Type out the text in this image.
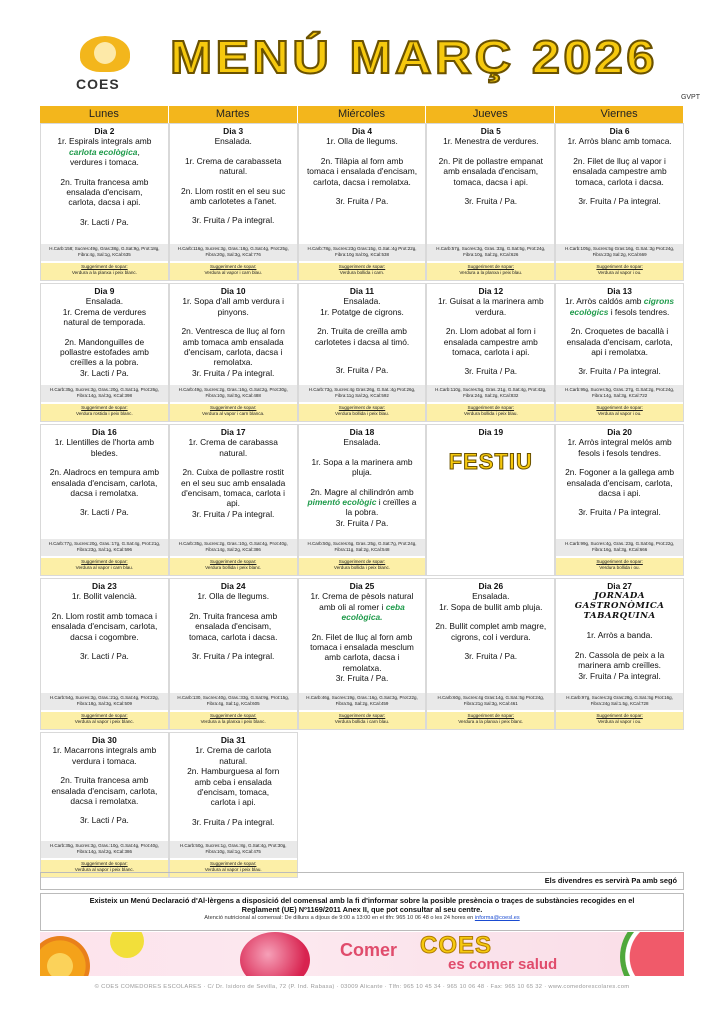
COES
MENÚ MARÇ 2026
GVPT
Lunes	Martes	Miércoles	Jueves	Viernes
Dia 2
1r. Espirals integrals amb
carlota ecològica,
verdures i tomaca.
2n. Truita francesa amb
ensalada d'encisam,
carlota, dacsa i api.
3r. Lacti / Pa.
H.Carb:158; Sucres:49g, Gras:38g, G.Sat:9g, Prot:18g, Fibra:4g, Sal:1g, KCal:635
Suggeriment de sopar:
Verdura a la planxa i peix blanc.
Dia 3
Ensalada.
1r. Crema de carabasseta
natural.
2n. Llom rostit en el seu suc
amb carlotetes a l'anet.
3r. Fruita / Pa integral.
H.Carb:116g, Sucres:3g, Gras.:18g, G.Sat:4g, Prot:25g, Fibra:20g, Sal:3g, KCal:776
Suggeriment de sopar:
Verdura al vapor i carn blau.
Dia 4
1r. Olla de llegums.
2n. Tilàpia al forn amb
tomaca i ensalada d'encisam,
carlota, dacsa i remolatxa.
3r. Fruita / Pa.
H.Carb:78g, Sucres:23g Gras:15g, G.Sat.:4g Prot:22g, Fibra:10g Sal:0g, KCal:538
Suggeriment de sopar:
Verdura bollida i carn.
Dia 5
1r. Menestra de verdures.
2n. Pit de pollastre empanat
amb ensalada d'encisam,
tomaca, dacsa i api.
3r. Fruita / Pa.
H.Carb:57g, Sucres:3g, Gras.:33g, G.Sat:5g, Prot:24g, Fibra:10g, Sal:2g, KCal:626
Suggeriment de sopar:
Verdura a la planxa i peix blau.
Dia 6
1r. Arròs blanc amb tomaca.
2n. Filet de lluç al vapor i
ensalada campestre amb
tomaca, carlota i dacsa.
3r. Fruita / Pa integral.
H.Carb:105g, Sucres:5g Gras:16g, G.Sat.:3g Prot:24g, Fibra:23g Sal:2g, KCal:669
Suggeriment de sopar:
Verdura al vapor i ou.
Dia 9
Ensalada.
1r. Crema de verdures
natural de temporada.
2n. Mandonguilles de
pollastre estofades amb
creïlles a la pobra.
3r. Lacti / Pa.
H.Carb:35g, Sucres:3g, Gras.:20g, G.Sat:1g, Prot:26g, Fibra:14g, Sal:3g, KCal:398
Suggeriment de sopar:
Verdura rostida i peix blanc.
Dia 10
1r. Sopa d'all amb verdura i
pinyons.
2n. Ventresca de lluç al forn
amb tomaca amb ensalada
d'encisam, carlota, dacsa i
remolatxa.
3r. Fruita / Pa integral.
H.Carb:49g, Sucres:2g, Gras.:16g, G.Sat:2g, Prot:30g, Fibra:10g, Sal:0g, KCal:488
Suggeriment de sopar:
Verdura al vapor i carn blanca.
Dia 11
Ensalada.
1r. Potatge de cigrons.
2n. Truita de creïlla amb
carlotetes i dacsa al timó.
3r. Fruita / Pa.
H.Carb:73g, Sucres:4g Gras:26g, G.Sat.:4g Prot:26g, Fibra:11g Sal:2g, KCal:592
Suggeriment de sopar:
Verdura bollida i peix blau.
Dia 12
1r. Guisat a la marinera amb
verdura.
2n. Llom adobat al forn i
ensalada campestre amb
tomaca, carlota i api.
3r. Fruita / Pa.
H.Carb:110g, Sucres:5g, Gras.:21g, G.Sat:4g, Prot:42g, Fibra:24g, Sal:2g, KCal:832
Suggeriment de sopar:
Verdura bollida i peix blau.
Dia 13
1r. Arròs caldós amb cigrons
ecològics i fesols tendres.
2n. Croquetes de bacallà i
ensalada d'encisam, carlota,
api i remolatxa.
3r. Fruita / Pa integral.
H.Carb:95g, Sucres:5g, Gras.:27g, G.Sat:2g, Prot:24g, Fibra:14g, Sal:3g, KCal:722
Suggeriment de sopar:
Verdura al vapor i ou.
Dia 16
1r. Llentilles de l'horta amb
bledes.
2n. Aladrocs en tempura amb
ensalada d'encisam, carlota,
dacsa i remolatxa.
3r. Lacti / Pa.
H.Carb:77g, Sucres:20g, Gras.:17g, G.Sat:4g, Prot:21g, Fibra:23g, Sal:1g, KCal:596
Suggeriment de sopar:
Verdura al vapor i carn blau.
Dia 17
1r. Crema de carabassa
natural.
2n. Cuixa de pollastre rostit
en el seu suc amb ensalada
d'encisam, tomaca, carlota i
api.
3r. Fruita / Pa integral.
H.Carb:35g, Sucres:2g, Gras.:10g, G.Sat:4g, Prot:40g, Fibra:14g, Sal:2g, KCal:386
Suggeriment de sopar:
Verdura bollida i peix blanc.
Dia 18
Ensalada.
1r. Sopa a la marinera amb
pluja.
2n. Magre al chilindrón amb
pimentó ecològic i creïlles a
la pobra.
3r. Fruita / Pa.
H.Carb:50g, Sucres:6g, Gras.:25g, G.Sat:7g, Prot:24g, Fibra:11g, Sal:2g, KCal:548
Suggeriment de sopar:
Verdura bollida i peix blanc.
Dia 19
FESTIU
Dia 20
1r. Arròs integral melós amb
fesols i fesols tendres.
2n. Fogoner a la gallega amb
ensalada d'encisam, carlota,
dacsa i api.
3r. Fruita / Pa integral.
H.Carb:99g, Sucres:4g, Gras.:23g, G.Sat:6g, Prot:22g, Fibra:16g, Sal:3g, KCal:666
Suggeriment de sopar:
Verdura bollida i ou.
Dia 23
1r. Bollit valencià.
2n. Llom rostit amb tomaca i
ensalada d'encisam, carlota,
dacsa i cogombre.
3r. Lacti / Pa.
H.Carb:54g, Sucres:3g, Gras.:21g, G.Sat:4g, Prot:22g, Fibra:18g, Sal:3g, KCal:509
Suggeriment de sopar:
Verdura al vapor i peix blanc.
Dia 24
1r. Olla de llegums.
2n. Truita francesa amb
ensalada d'encisam,
tomaca, carlota i dacsa.
3r. Fruita / Pa integral.
H.Carb:130, Sucres:40g, Gras.:33g, G.Sat:9g, Prot:15g, Fibra:4g, Sal:1g, KCal:605
Suggeriment de sopar:
Verdura a la planxa i peix blanc.
Dia 25
1r. Crema de pèsols natural
amb oli al romer i ceba
ecològica.
2n. Filet de lluç al forn amb
tomaca i ensalada mesclum
amb carlota, dacsa i
remolatxa.
3r. Fruita / Pa.
H.Carb:46g, Sucres:19g, Gras.:16g, G.Sat:3g, Prot:22g, Fibra:5g, Sal:2g, KCal:459
Suggeriment de sopar:
Verdura bollida i carn blau.
Dia 26
Ensalada.
1r. Sopa de bullit amb pluja.
2n. Bullit complet amb magre,
cigrons, col i verdura.
3r. Fruita / Pa.
H.Carb:60g, Sucres:4g Gras:14g, G.Sat.:5g Prot:24g, Fibra:21g Sal:3g, KCal:461
Suggeriment de sopar:
Verdura a la planxa i peix blanc.
Dia 27
JORNADA GASTRONÒMICA
TABARQUINA
1r. Arròs a banda.
2n. Cassola de peix a la
marinera amb creïlles.
3r. Fruita / Pa integral.
H.Carb:97g, Sucres:2g Gras:28g, G.Sat.:5g Prot:16g, Fibra:24g Sal:1.5g, KCal:728
Suggeriment de sopar:
Verdura al vapor i ou.
Dia 30
1r. Macarrons integrals amb
verdura i tomaca.
2n. Truita francesa amb
ensalada d'encisam, carlota,
dacsa i remolatxa.
3r. Lacti / Pa.
H.Carb:35g, Sucres:3g, Gras.:10g, G.Sat:4g, Prot:40g, Fibra:14g, Sal:2g, KCal:386
Suggeriment de sopar:
Verdura al vapor i peix blanc.
Dia 31
1r. Crema de carlota
natural.
2n. Hamburguesa al forn
amb ceba i ensalada
d'encisam, tomaca,
carlota i api.
3r. Fruita / Pa integral.
H.Carb:50g, Sucres:1g, Gras.:8g, G.Sat:4g, Prot:30g, Fibra:10g, Sal:1g, KCal:475
Suggeriment de sopar:
Verdura al vapor i peix blau.
Els divendres es servirà Pa amb segó
Existeix un Menú Declaració d'Al·lèrgens a disposició del comensal amb la fi d'informar sobre la posible presència o traçes de substàncies recogides en el
Reglament (UE) Nº1169/2011 Anex II, que pot consultar al seu centre.
Atenció nutricional al comensal: De dilluns a dijous de 9:00 a 13:00 en el tlfn: 965 10 06 48 o les 24 hores en informa@coesl.es
Comer COES
es comer salud
© COES COMEDORES ESCOLARES · C/ Dr. Isidoro de Sevilla, 72 (P. Ind. Rabasa) · 03009 Alicante · Tlfn: 965 10 45 34 · 965 10 06 48 · Fax: 965 10 65 32 · www.comedorescolares.com
